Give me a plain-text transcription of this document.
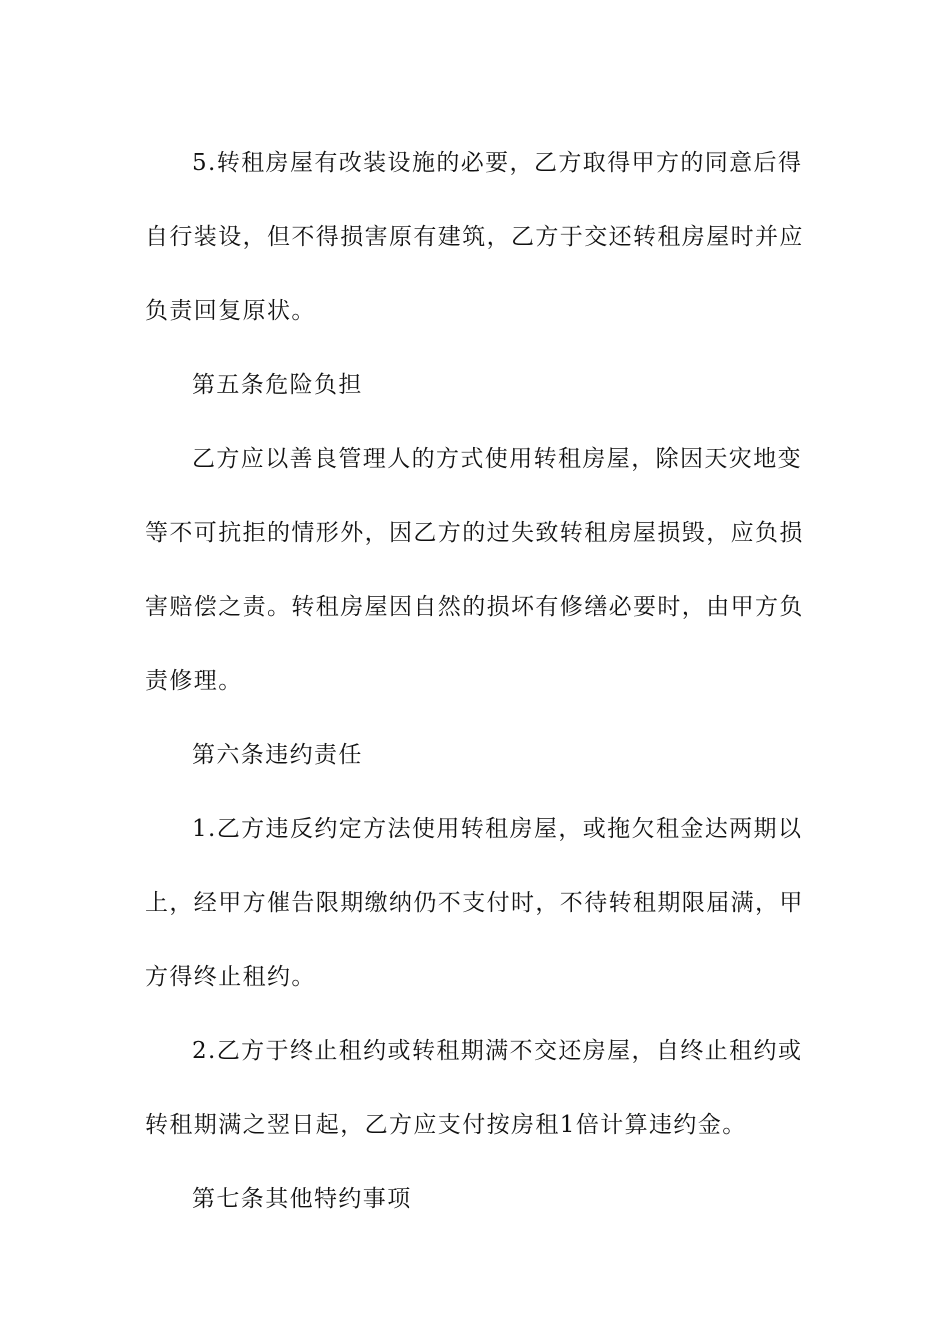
5.转租房屋有改装设施的必要，乙方取得甲方的同意后得
自行装设，但不得损害原有建筑，乙方于交还转租房屋时并应
负责回复原状。

第五条危险负担

乙方应以善良管理人的方式使用转租房屋，除因天灾地变
等不可抗拒的情形外，因乙方的过失致转租房屋损毁，应负损
害赔偿之责。转租房屋因自然的损坏有修缮必要时，由甲方负
责修理。

第六条违约责任

1.乙方违反约定方法使用转租房屋，或拖欠租金达两期以
上，经甲方催告限期缴纳仍不支付时，不待转租期限届满，甲
方得终止租约。

2.乙方于终止租约或转租期满不交还房屋，自终止租约或
转租期满之翌日起，乙方应支付按房租1倍计算违约金。

第七条其他特约事项
